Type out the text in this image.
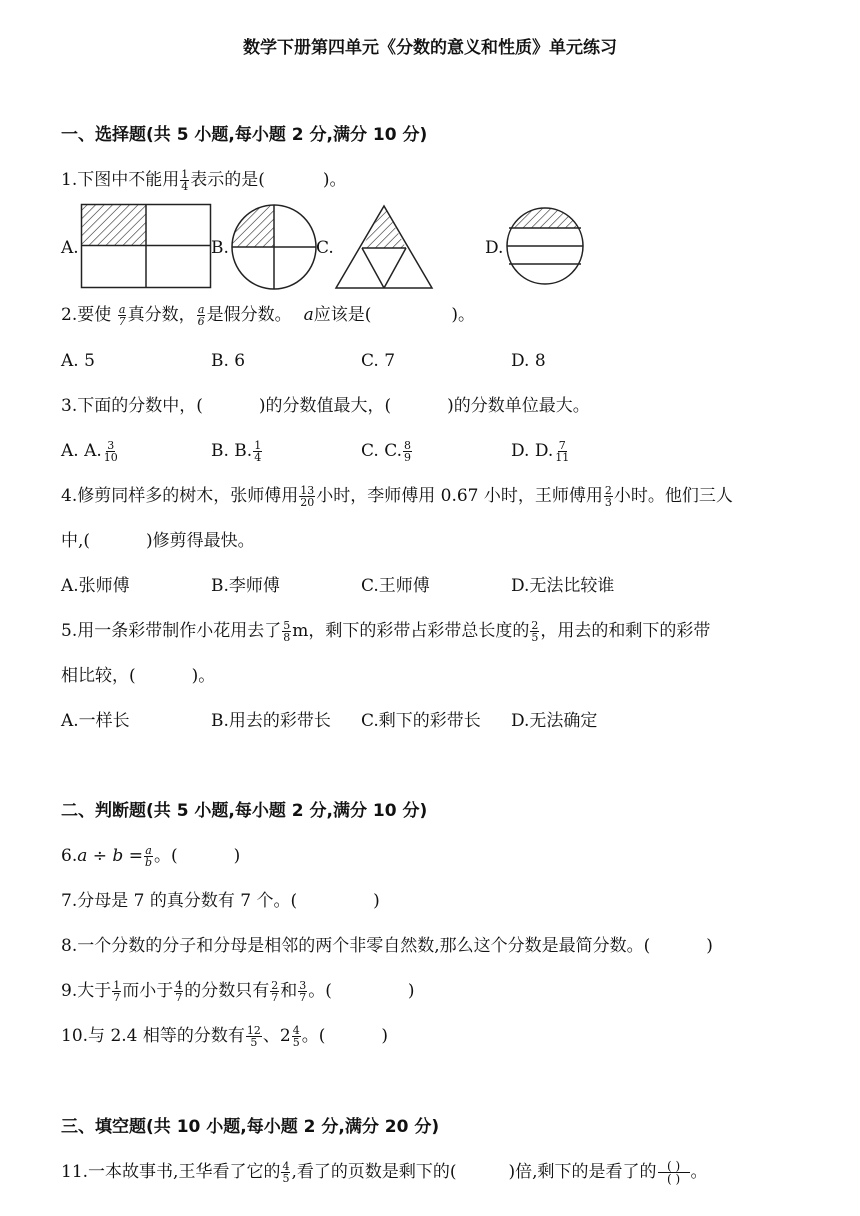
数学下册第四单元《分数的意义和性质》单元练习
一、选择题(共 5 小题,每小题 2 分,满分 10 分)
1.下图中不能用 $\frac{1}{4}$ 表示的是(	)。
A.	B.	C.	D.
2.要使 $\frac{a}{7}$ 真分数， $\frac{a}{6}$ 是假分数。 a应该是(	)。
A. 5	B. 6	C. 7	D. 8
3.下面的分数中，(	)的分数值最大，(	)的分数单位最大。
A. A. $\frac{3}{10}$	B. B. $\frac{1}{4}$	C. C. $\frac{8}{9}$	D. D. $\frac{7}{11}$
4.修剪同样多的树木，张师傅用 $\frac{13}{20}$ 小时，李师傅用 0.67 小时，王师傅用 $\frac{2}{3}$ 小时。他们三人
中,(	)修剪得最快。
A.张师傅	B.李师傅	C.王师傅	D.无法比较谁
5.用一条彩带制作小花用去了 $\frac{5}{8}$ m，剩下的彩带占彩带总长度的 $\frac{2}{5}$ ，用去的和剩下的彩带
相比较，(	)。
A.一样长	B.用去的彩带长 C.剩下的彩带长 D.无法确定
二、判断题(共 5 小题,每小题 2 分,满分 10 分)
$6.a \div b = \frac{a}{b}$ 。(	)
7.分母是 7 的真分数有 7 个。(	)
8.一个分数的分子和分母是相邻的两个非零自然数,那么这个分数是最简分数。(	)
9.大于 $\frac{1}{7}$ 而小于 $\frac{4}{7}$ 的分数只有 $\frac{2}{7}$ 和 $\frac{3}{7}$ 。(	)
10.与 2.4 相等的分数有 $\frac{12}{5}$ 、$2 \frac{4}{5}$ 。(	)
三、填空题(共 10 小题,每小题 2 分,满分 20 分)
11.一本故事书,王华看了它的 $\frac{4}{5}$ ,看了的页数是剩下的(	)倍,剩下的是看了的 $\frac{( )}{( )}$ 。
